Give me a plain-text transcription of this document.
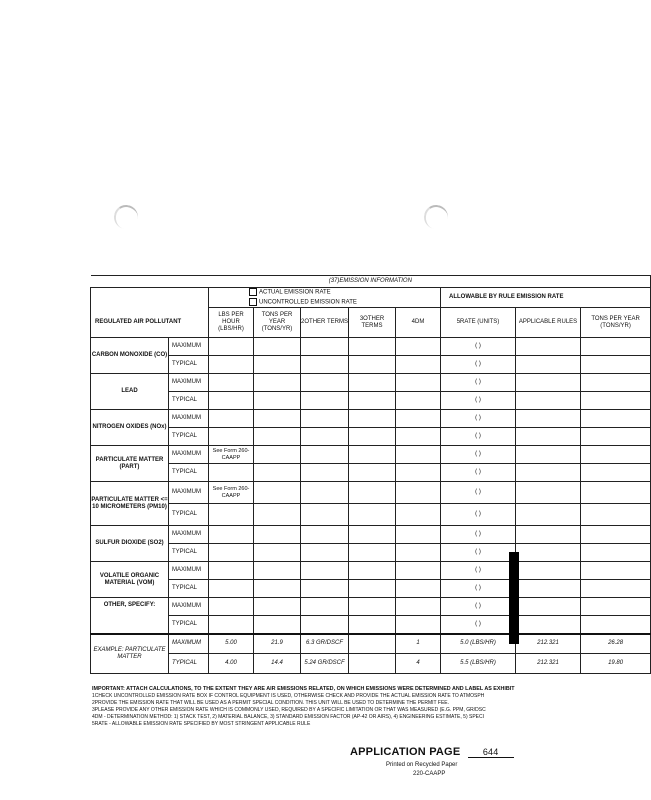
(37)EMISSION INFORMATION									

		ACTUAL EMISSION RATE
UNCONTROLLED EMISSION RATE					ALLOWABLE BY RULE EMISSION RATE		
REGULATED AIR POLLUTANT		LBS PER HOUR (LBS/HR)	TONS PER YEAR (TONS/YR)	2OTHER TERMS	3OTHER TERMS	4DM	5RATE (UNITS)	APPLICABLE RULES	TONS PER YEAR (TONS/YR)
CARBON MONOXIDE (CO)	MAXIMUM						( )		
	TYPICAL						( )		
LEAD	MAXIMUM						( )		
	TYPICAL						( )		
NITROGEN OXIDES (NOx)	MAXIMUM						( )		
	TYPICAL						( )		
PARTICULATE MATTER (PART)	MAXIMUM	See Form 260-CAAPP					( )		
	TYPICAL						( )		
PARTICULATE MATTER <= 10 MICROMETERS (PM10)	MAXIMUM	See Form 260-CAAPP					( )		
	TYPICAL						( )		
SULFUR DIOXIDE (SO2)	MAXIMUM						( )		
	TYPICAL						( )		
VOLATILE ORGANIC MATERIAL (VOM)	MAXIMUM						( )		
	TYPICAL						( )		
OTHER, SPECIFY:	MAXIMUM						( )		
	TYPICAL						( )		
EXAMPLE: PARTICULATE MATTER	MAXIMUM	5.00	21.9	6.3 GR/DSCF		1	5.0 (LBS/HR)	212.321	26.28
	TYPICAL	4.00	14.4	5.24 GR/DSCF		4	5.5 (LBS/HR)	212.321	19.80
IMPORTANT: ATTACH CALCULATIONS, TO THE EXTENT THEY ARE AIR EMISSIONS RELATED, ON WHICH EMISSIONS WERE DETERMINED AND LABEL AS EXHIBIT
1CHECK UNCONTROLLED EMISSION RATE BOX IF CONTROL EQUIPMENT IS USED, OTHERWISE CHECK AND PROVIDE THE ACTUAL EMISSION RATE TO ATMOSPH
2PROVIDE THE EMISSION RATE THAT WILL BE USED AS A PERMIT SPECIAL CONDITION. THIS UNIT WILL BE USED TO DETERMINE THE PERMIT FEE.
3PLEASE PROVIDE ANY OTHER EMISSION RATE WHICH IS COMMONLY USED, REQUIRED BY A SPECIFIC LIMITATION OR THAT WAS MEASURED (E.G. PPM, GR/DSC
4DM - DETERMINATION METHOD: 1) STACK TEST, 2) MATERIAL BALANCE, 3) STANDARD EMISSION FACTOR (AP-42 OR AIRS), 4) ENGINEERING ESTIMATE, 5) SPECI
5RATE - ALLOWABLE EMISSION RATE SPECIFIED BY MOST STRINGENT APPLICABLE RULE
APPLICATION PAGE 644
Printed on Recycled Paper
220-CAAPP
